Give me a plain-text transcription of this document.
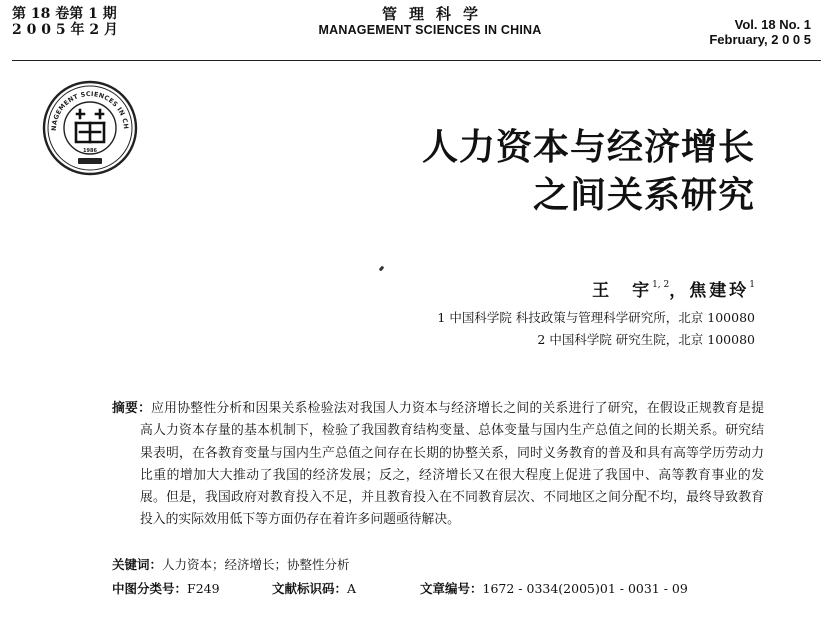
第 18 卷第 1 期
2 0 0 5 年 2 月
管理科学
MANAGEMENT SCIENCES IN CHINA	Vol. 18 No. 1
February, 2 0 0 5
NAGEMENT SCIENCES IN CH
1986	人力资本与经济增长
之间关系研究
王　宇$^{1, 2}$，焦建玲$^1$
1 中国科学院 科技政策与管理科学研究所，北京 100080
2 中国科学院 研究生院，北京 100080
摘要：应用协整性分析和因果关系检验法对我国人力资本与经济增长之间的关系进行了研究，在假设正规教育是提高人力资本存量的基本机制下，检验了我国教育结构变量、总体变量与国内生产总值之间的长期关系。研究结果表明，在各教育变量与国内生产总值之间存在长期的协整关系，同时义务教育的普及和具有高等学历劳动力比重的增加大大推动了我国的经济发展；反之，经济增长又在很大程度上促进了我国中、高等教育事业的发展。但是，我国政府对教育投入不足，并且教育投入在不同教育层次、不同地区之间分配不均，最终导致教育投入的实际效用低下等方面仍存在着许多问题亟待解决。
关键词：人力资本；经济增长；协整性分析
中图分类号：F249	文献标识码：A	文章编号：1672 - 0334(2005)01 - 0031 - 09
